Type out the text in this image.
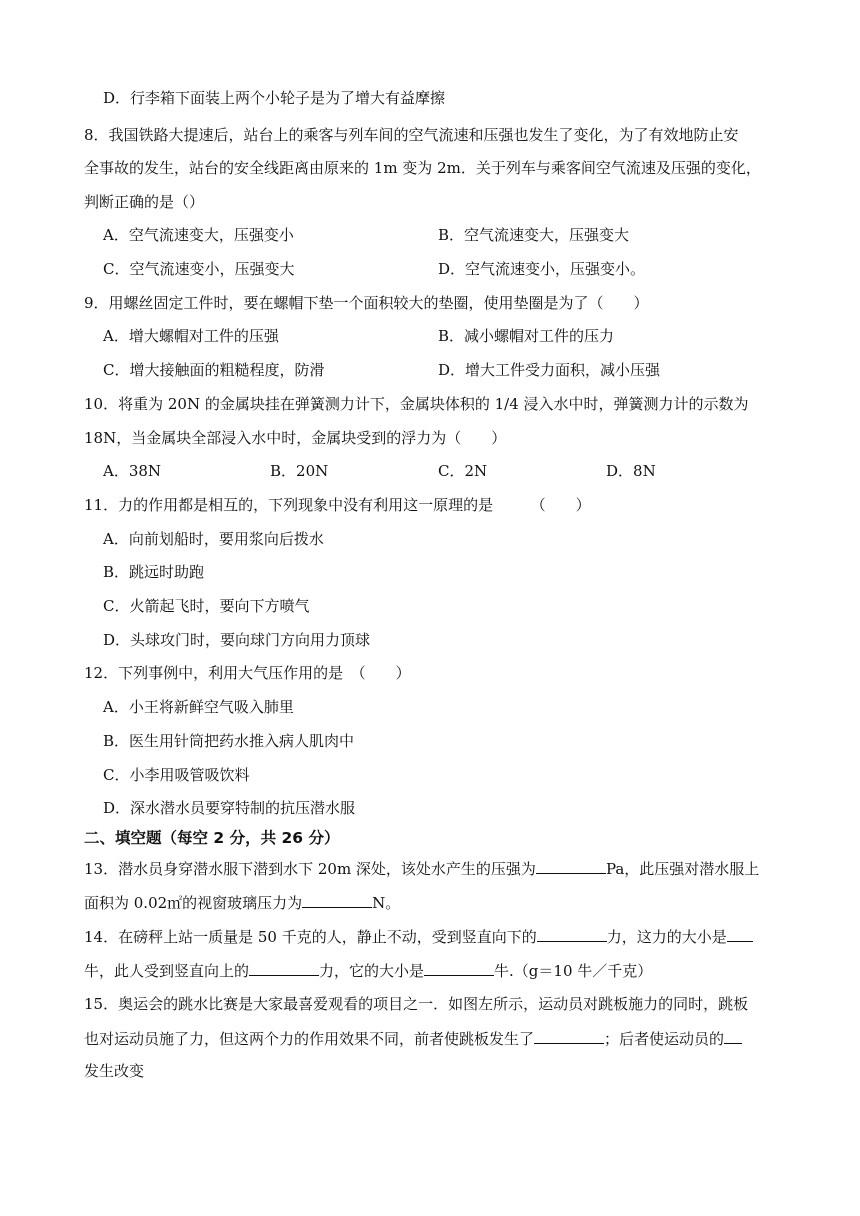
D．行李箱下面装上两个小轮子是为了增大有益摩擦
8．我国铁路大提速后，站台上的乘客与列车间的空气流速和压强也发生了变化，为了有效地防止安
全事故的发生，站台的安全线距离由原来的 1m 变为 2m．关于列车与乘客间空气流速及压强的变化，
判断正确的是（）
A．空气流速变大，压强变小	B．空气流速变大，压强变大
C．空气流速变小，压强变大	D．空气流速变小，压强变小。
9．用螺丝固定工件时，要在螺帽下垫一个面积较大的垫圈，使用垫圈是为了（　　）
A．增大螺帽对工件的压强	B．减小螺帽对工件的压力
C．增大接触面的粗糙程度，防滑	D．增大工件受力面积，减小压强
10．将重为 20N 的金属块挂在弹簧测力计下，金属块体积的 1/4 浸入水中时，弹簧测力计的示数为
18N，当金属块全部浸入水中时，金属块受到的浮力为（　　）
A．38N	B．20N	C．2N	D．8N
11．力的作用都是相互的，下列现象中没有利用这一原理的是　　　（　　）
A．向前划船时，要用浆向后拨水
B．跳远时助跑
C．火箭起飞时，要向下方喷气
D．头球攻门时，要向球门方向用力顶球
12．下列事例中，利用大气压作用的是　（　　）
A．小王将新鲜空气吸入肺里
B．医生用针筒把药水推入病人肌肉中
C．小李用吸管吸饮料
D．深水潜水员要穿特制的抗压潜水服
二、填空题（每空 2 分，共 26 分）
13．潜水员身穿潜水服下潜到水下 20m 深处，该处水产生的压强为	Pa，此压强对潜水服上
面积为 0.02㎡的视窗玻璃压力为	N。
14．在磅秤上站一质量是 50 千克的人，静止不动，受到竖直向下的	力，这力的大小是
牛，此人受到竖直向上的	力，它的大小是	牛.（g＝10 牛／千克）
15．奥运会的跳水比赛是大家最喜爱观看的项目之一．如图左所示，运动员对跳板施力的同时，跳板
也对运动员施了力，但这两个力的作用效果不同，前者使跳板发生了	；后者使运动员的
发生改变
